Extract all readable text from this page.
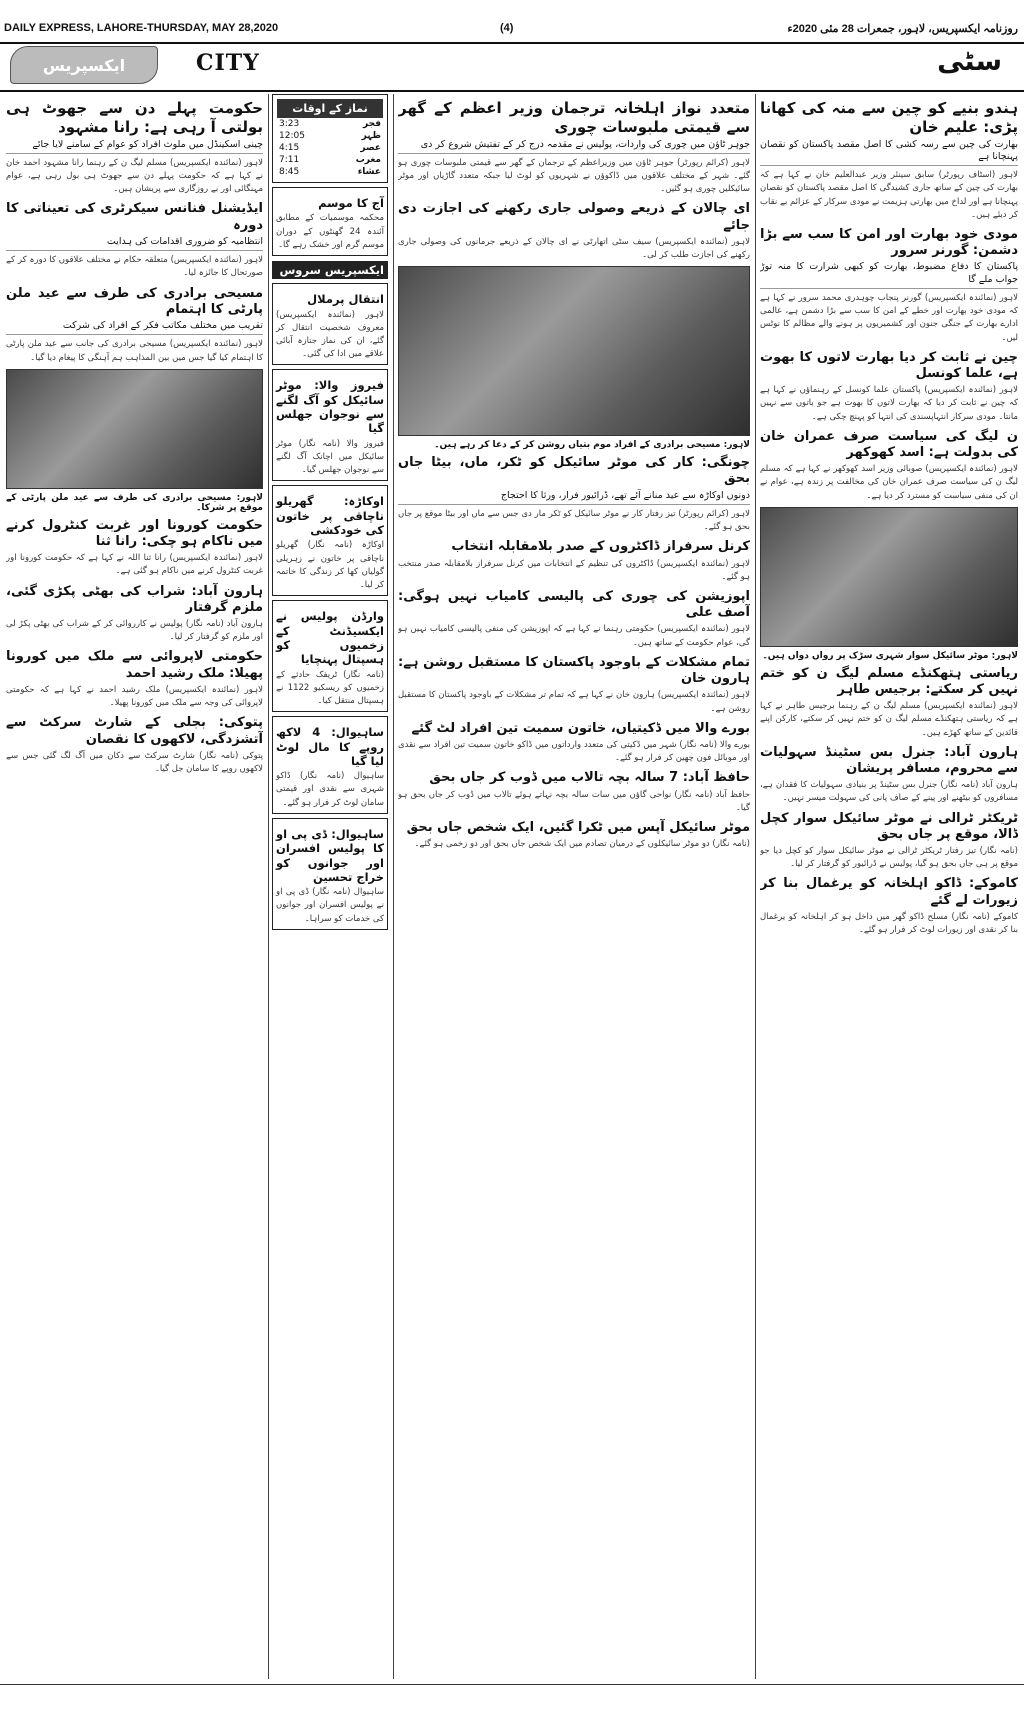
DAILY EXPRESS, LAHORE-THURSDAY, MAY 28,2020	(4)	روزنامہ ایکسپریس، لاہور، جمعرات 28 مئی 2020ء
ایکسپریس	CITY	سٹی
ہندو بنیے کو چین سے منہ کی کھانا پڑی: علیم خان
بھارت کی چین سے رسہ کشی کا اصل مقصد پاکستان کو نقصان پہنچانا ہے
لاہور (اسٹاف رپورٹر) سابق سینئر وزیر عبدالعلیم خان نے کہا ہے کہ بھارت کی چین کے ساتھ جاری کشیدگی کا اصل مقصد پاکستان کو نقصان پہنچانا ہے اور لداخ میں بھارتی ہزیمت نے مودی سرکار کے عزائم بے نقاب کر دیئے ہیں۔
مودی خود بھارت اور امن کا سب سے بڑا دشمن: گورنر سرور
پاکستان کا دفاع مضبوط، بھارت کو کبھی شرارت کا منہ توڑ جواب ملے گا
لاہور (نمائندہ ایکسپریس) گورنر پنجاب چوہدری محمد سرور نے کہا ہے کہ مودی خود بھارت اور خطے کے امن کا سب سے بڑا دشمن ہے، عالمی ادارے بھارت کے جنگی جنون اور کشمیریوں پر ہونے والے مظالم کا نوٹس لیں۔
چین نے ثابت کر دیا بھارت لاتوں کا بھوت ہے، علما کونسل
لاہور (نمائندہ ایکسپریس) پاکستان علما کونسل کے رہنماؤں نے کہا ہے کہ چین نے ثابت کر دیا کہ بھارت لاتوں کا بھوت ہے جو باتوں سے نہیں مانتا۔ مودی سرکار انتہاپسندی کی انتہا کو پہنچ چکی ہے۔
ن لیگ کی سیاست صرف عمران خان کی بدولت ہے: اسد کھوکھر
لاہور (نمائندہ ایکسپریس) صوبائی وزیر اسد کھوکھر نے کہا ہے کہ مسلم لیگ ن کی سیاست صرف عمران خان کی مخالفت پر زندہ ہے، عوام نے ان کی منفی سیاست کو مسترد کر دیا ہے۔
لاہور: موٹر سائیکل سوار شہری سڑک پر رواں دواں ہیں۔
ریاستی ہتھکنڈے مسلم لیگ ن کو ختم نہیں کر سکتے: برجیس طاہر
لاہور (نمائندہ ایکسپریس) مسلم لیگ ن کے رہنما برجیس طاہر نے کہا ہے کہ ریاستی ہتھکنڈے مسلم لیگ ن کو ختم نہیں کر سکتے، کارکن اپنے قائدین کے ساتھ کھڑے ہیں۔
ہارون آباد: جنرل بس سٹینڈ سہولیات سے محروم، مسافر پریشان
ہارون آباد (نامہ نگار) جنرل بس سٹینڈ پر بنیادی سہولیات کا فقدان ہے، مسافروں کو بیٹھنے اور پینے کے صاف پانی کی سہولت میسر نہیں۔
ٹریکٹر ٹرالی نے موٹر سائیکل سوار کچل ڈالا، موقع پر جاں بحق
(نامہ نگار) تیز رفتار ٹریکٹر ٹرالی نے موٹر سائیکل سوار کو کچل دیا جو موقع پر ہی جاں بحق ہو گیا، پولیس نے ڈرائیور کو گرفتار کر لیا۔
کاموکے: ڈاکو اہلخانہ کو یرغمال بنا کر زیورات لے گئے
کاموکے (نامہ نگار) مسلح ڈاکو گھر میں داخل ہو کر اہلخانہ کو یرغمال بنا کر نقدی اور زیورات لوٹ کر فرار ہو گئے۔
متعدد نواز اہلخانہ ترجمان وزیر اعظم کے گھر سے قیمتی ملبوسات چوری
جوہر ٹاؤن میں چوری کی واردات، پولیس نے مقدمہ درج کر کے تفتیش شروع کر دی
لاہور (کرائم رپورٹر) جوہر ٹاؤن میں وزیراعظم کے ترجمان کے گھر سے قیمتی ملبوسات چوری ہو گئے۔ شہر کے مختلف علاقوں میں ڈاکوؤں نے شہریوں کو لوٹ لیا جبکہ متعدد گاڑیاں اور موٹر سائیکلیں چوری ہو گئیں۔
ای چالان کے ذریعے وصولی جاری رکھنے کی اجازت دی جائے
لاہور (نمائندہ ایکسپریس) سیف سٹی اتھارٹی نے ای چالان کے ذریعے جرمانوں کی وصولی جاری رکھنے کی اجازت طلب کر لی۔
لاہور: مسیحی برادری کے افراد موم بتیاں روشن کر کے دعا کر رہے ہیں۔
چونگی: کار کی موٹر سائیکل کو ٹکر، ماں، بیٹا جاں بحق
دونوں اوکاڑہ سے عید منانے آئے تھے، ڈرائیور فرار، ورثا کا احتجاج
لاہور (کرائم رپورٹر) تیز رفتار کار نے موٹر سائیکل کو ٹکر مار دی جس سے ماں اور بیٹا موقع پر جاں بحق ہو گئے۔
کرنل سرفراز ڈاکٹروں کے صدر بلامقابلہ انتخاب
لاہور (نمائندہ ایکسپریس) ڈاکٹروں کی تنظیم کے انتخابات میں کرنل سرفراز بلامقابلہ صدر منتخب ہو گئے۔
اپوزیشن کی چوری کی پالیسی کامیاب نہیں ہوگی: آصف علی
لاہور (نمائندہ ایکسپریس) حکومتی رہنما نے کہا ہے کہ اپوزیشن کی منفی پالیسی کامیاب نہیں ہو گی، عوام حکومت کے ساتھ ہیں۔
تمام مشکلات کے باوجود پاکستان کا مستقبل روشن ہے: ہارون خان
لاہور (نمائندہ ایکسپریس) ہارون خان نے کہا ہے کہ تمام تر مشکلات کے باوجود پاکستان کا مستقبل روشن ہے۔
بورے والا میں ڈکیتیاں، خاتون سمیت تین افراد لٹ گئے
بورے والا (نامہ نگار) شہر میں ڈکیتی کی متعدد وارداتوں میں ڈاکو خاتون سمیت تین افراد سے نقدی اور موبائل فون چھین کر فرار ہو گئے۔
حافظ آباد: 7 سالہ بچہ تالاب میں ڈوب کر جاں بحق
حافظ آباد (نامہ نگار) نواحی گاؤں میں سات سالہ بچہ نہاتے ہوئے تالاب میں ڈوب کر جاں بحق ہو گیا۔
موٹر سائیکل آپس میں ٹکرا گئیں، ایک شخص جاں بحق
(نامہ نگار) دو موٹر سائیکلوں کے درمیان تصادم میں ایک شخص جاں بحق اور دو زخمی ہو گئے۔
نماز کے اوقات
فجر
3:23
ظہر
12:05
عصر
4:15
مغرب
7:11
عشاء
8:45
آج کا موسم
محکمہ موسمیات کے مطابق آئندہ 24 گھنٹوں کے دوران موسم گرم اور خشک رہے گا۔
ایکسپریس سروس
انتقال پرملال
لاہور (نمائندہ ایکسپریس) معروف شخصیت انتقال کر گئے، ان کی نماز جنازہ آبائی علاقے میں ادا کی گئی۔
فیروز والا: موٹر سائیکل کو آگ لگنے سے نوجوان جھلس گیا
فیروز والا (نامہ نگار) موٹر سائیکل میں اچانک آگ لگنے سے نوجوان جھلس گیا۔
اوکاڑہ: گھریلو ناچاقی پر خاتون کی خودکشی
اوکاڑہ (نامہ نگار) گھریلو ناچاقی پر خاتون نے زہریلی گولیاں کھا کر زندگی کا خاتمہ کر لیا۔
وارڈن پولیس نے ایکسیڈنٹ کے زخمیوں کو ہسپتال پہنچایا
(نامہ نگار) ٹریفک حادثے کے زخمیوں کو ریسکیو 1122 نے ہسپتال منتقل کیا۔
ساہیوال: 4 لاکھ روپے کا مال لوٹ لیا گیا
ساہیوال (نامہ نگار) ڈاکو شہری سے نقدی اور قیمتی سامان لوٹ کر فرار ہو گئے۔
ساہیوال: ڈی پی او کا پولیس افسران اور جوانوں کو خراج تحسین
ساہیوال (نامہ نگار) ڈی پی او نے پولیس افسران اور جوانوں کی خدمات کو سراہا۔
حکومت پہلے دن سے جھوٹ ہی بولتی آ رہی ہے: رانا مشہود
چینی اسکینڈل میں ملوث افراد کو عوام کے سامنے لایا جائے
لاہور (نمائندہ ایکسپریس) مسلم لیگ ن کے رہنما رانا مشہود احمد خان نے کہا ہے کہ حکومت پہلے دن سے جھوٹ ہی بول رہی ہے، عوام مہنگائی اور بے روزگاری سے پریشان ہیں۔
ایڈیشنل فنانس سیکرٹری کی تعیناتی کا دورہ
انتظامیہ کو ضروری اقدامات کی ہدایت
لاہور (نمائندہ ایکسپریس) متعلقہ حکام نے مختلف علاقوں کا دورہ کر کے صورتحال کا جائزہ لیا۔
مسیحی برادری کی طرف سے عید ملن پارٹی کا اہتمام
تقریب میں مختلف مکاتب فکر کے افراد کی شرکت
لاہور (نمائندہ ایکسپریس) مسیحی برادری کی جانب سے عید ملن پارٹی کا اہتمام کیا گیا جس میں بین المذاہب ہم آہنگی کا پیغام دیا گیا۔
لاہور: مسیحی برادری کی طرف سے عید ملن پارٹی کے موقع پر شرکا۔
حکومت کورونا اور غربت کنٹرول کرنے میں ناکام ہو چکی: رانا ثنا
لاہور (نمائندہ ایکسپریس) رانا ثنا اللہ نے کہا ہے کہ حکومت کورونا اور غربت کنٹرول کرنے میں ناکام ہو گئی ہے۔
ہارون آباد: شراب کی بھٹی پکڑی گئی، ملزم گرفتار
ہارون آباد (نامہ نگار) پولیس نے کارروائی کر کے شراب کی بھٹی پکڑ لی اور ملزم کو گرفتار کر لیا۔
حکومتی لاپروائی سے ملک میں کورونا پھیلا: ملک رشید احمد
لاہور (نمائندہ ایکسپریس) ملک رشید احمد نے کہا ہے کہ حکومتی لاپروائی کی وجہ سے ملک میں کورونا پھیلا۔
پتوکی: بجلی کے شارٹ سرکٹ سے آتشزدگی، لاکھوں کا نقصان
پتوکی (نامہ نگار) شارٹ سرکٹ سے دکان میں آگ لگ گئی جس سے لاکھوں روپے کا سامان جل گیا۔
